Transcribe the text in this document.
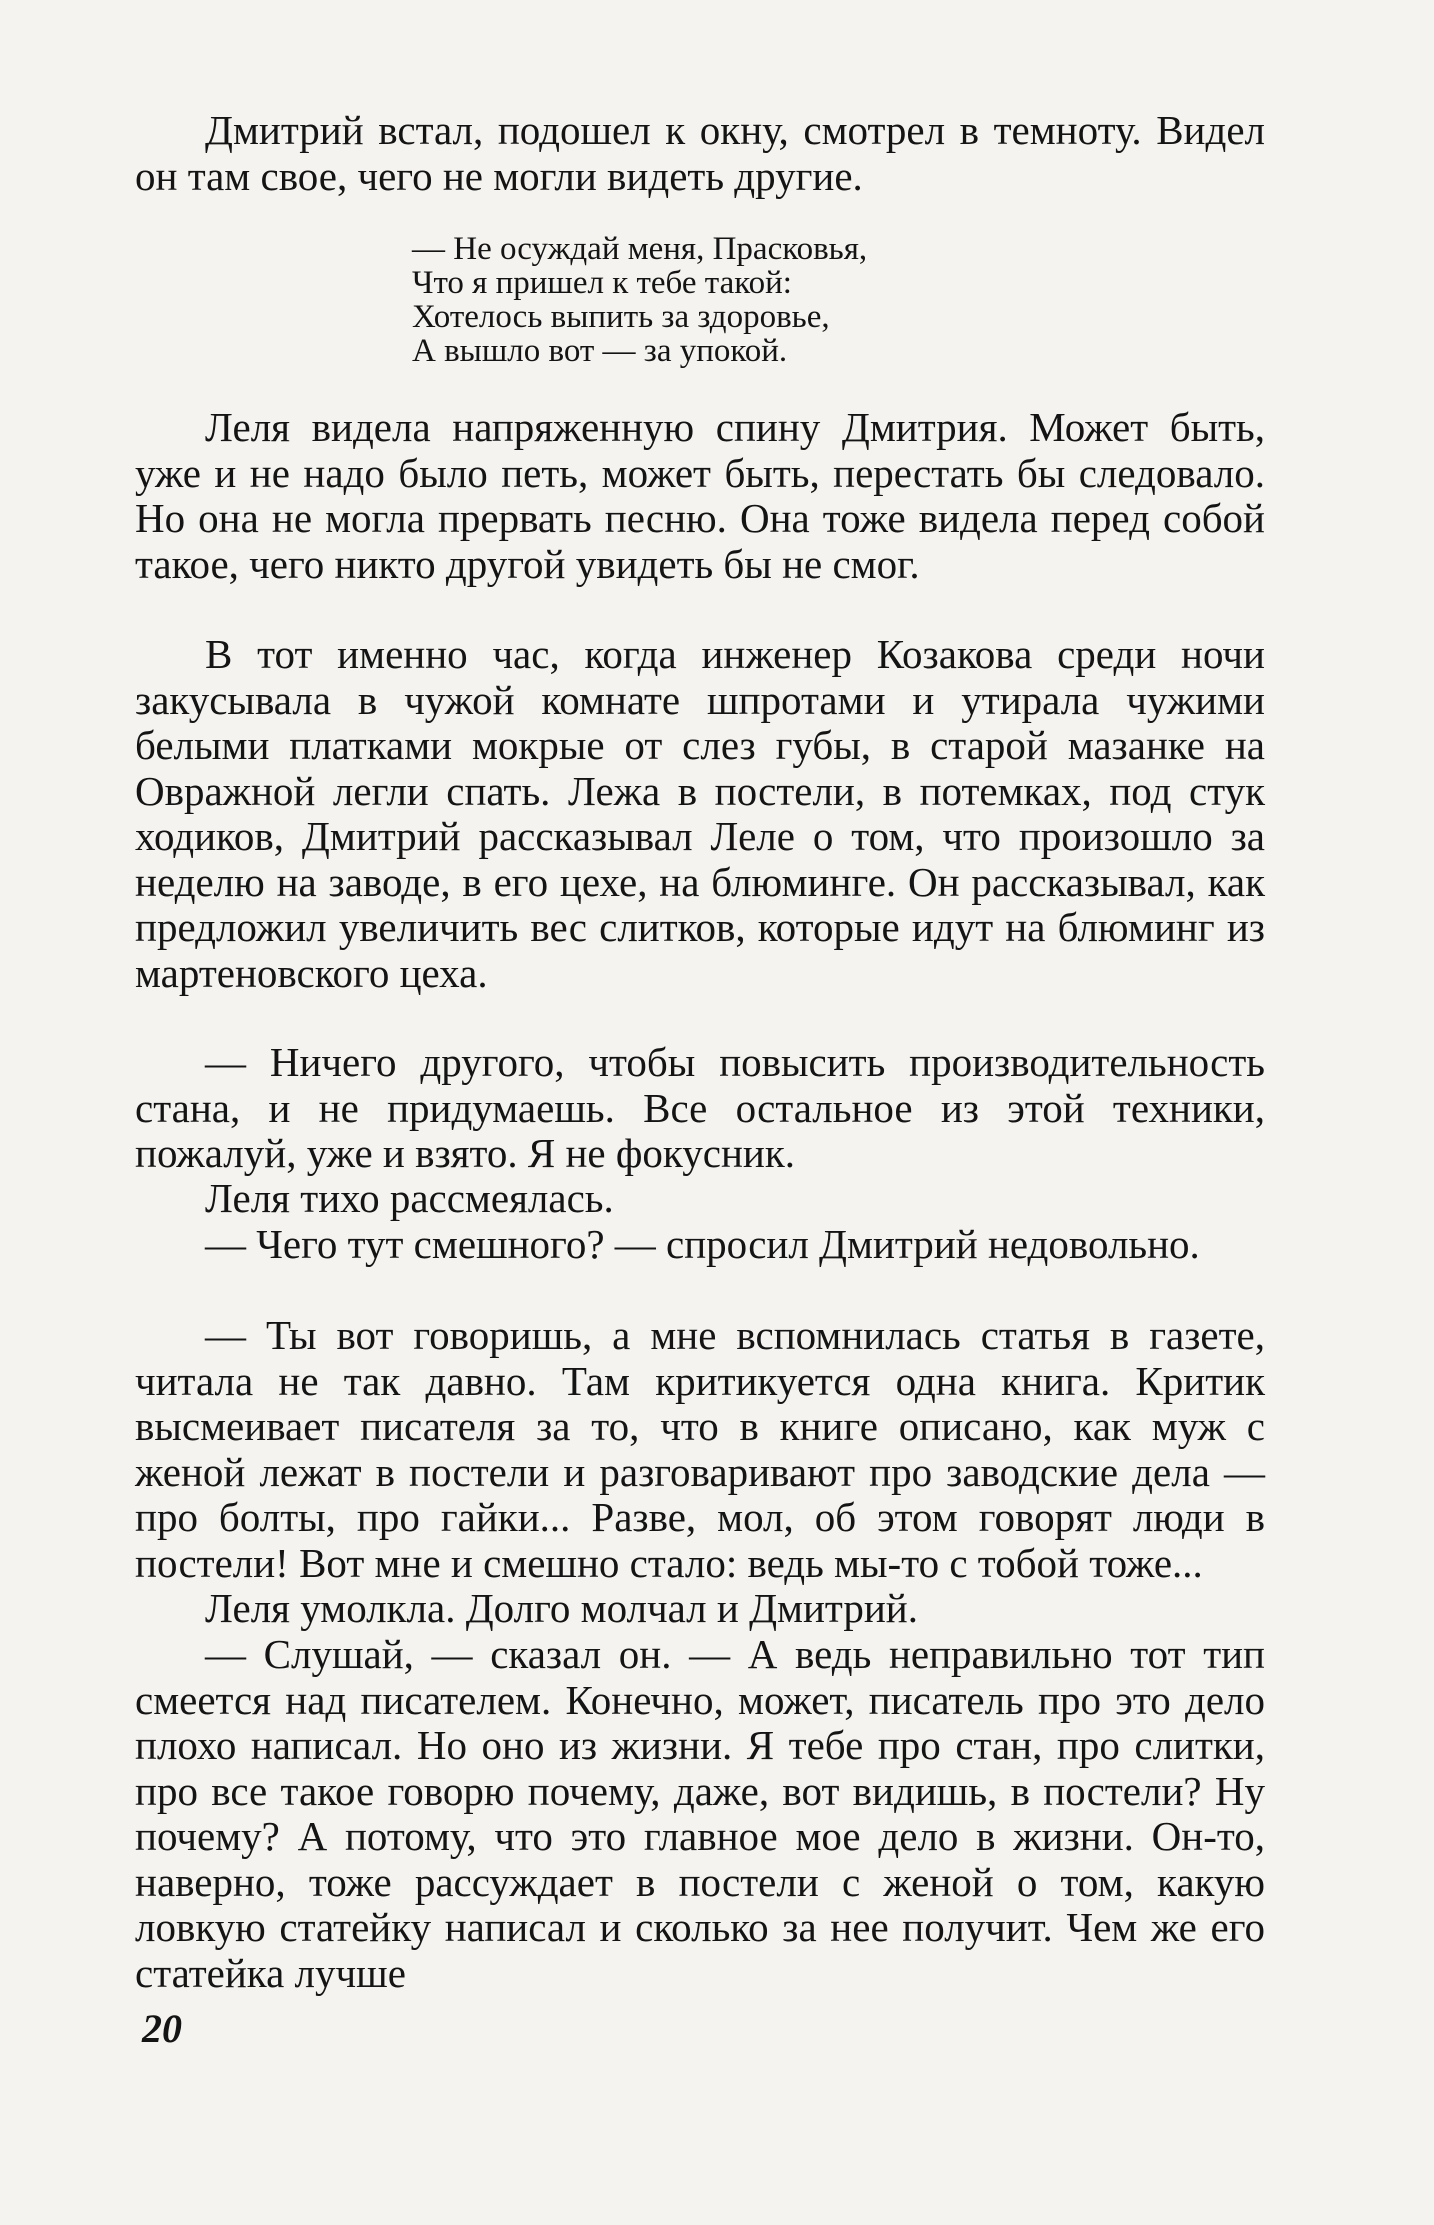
Дмитрий встал, подошел к окну, смотрел в темноту. Видел он там свое, чего не могли видеть другие.

— Не осуждай меня, Прасковья,
Что я пришел к тебе такой:
Хотелось выпить за здоровье,
А вышло вот — за упокой.

Леля видела напряженную спину Дмитрия. Может быть, уже и не надо было петь, может быть, перестать бы следовало. Но она не могла прервать песню. Она тоже видела перед собой такое, чего никто другой увидеть бы не смог.

В тот именно час, когда инженер Козакова среди ночи закусывала в чужой комнате шпротами и утирала чужими белыми платками мокрые от слез губы, в старой мазанке на Овражной легли спать. Лежа в постели, в потемках, под стук ходиков, Дмитрий рассказывал Леле о том, что произошло за неделю на заводе, в его цехе, на блюминге. Он рассказывал, как предложил увеличить вес слитков, которые идут на блюминг из мартеновского цеха.

— Ничего другого, чтобы повысить производительность стана, и не придумаешь. Все остальное из этой техники, пожалуй, уже и взято. Я не фокусник.

Леля тихо рассмеялась.

— Чего тут смешного? — спросил Дмитрий недовольно.

— Ты вот говоришь, а мне вспомнилась статья в газете, читала не так давно. Там критикуется одна книга. Критик высмеивает писателя за то, что в книге описано, как муж с женой лежат в постели и разговаривают про заводские дела — про болты, про гайки... Разве, мол, об этом говорят люди в постели! Вот мне и смешно стало: ведь мы-то с тобой тоже...

Леля умолкла. Долго молчал и Дмитрий.

— Слушай, — сказал он. — А ведь неправильно тот тип смеется над писателем. Конечно, может, писатель про это дело плохо написал. Но оно из жизни. Я тебе про стан, про слитки, про все такое говорю почему, даже, вот видишь, в постели? Ну почему? А потому, что это главное мое дело в жизни. Он-то, наверно, тоже рассуждает в постели с женой о том, какую ловкую статейку написал и сколько за нее получит. Чем же его статейка лучше

20
